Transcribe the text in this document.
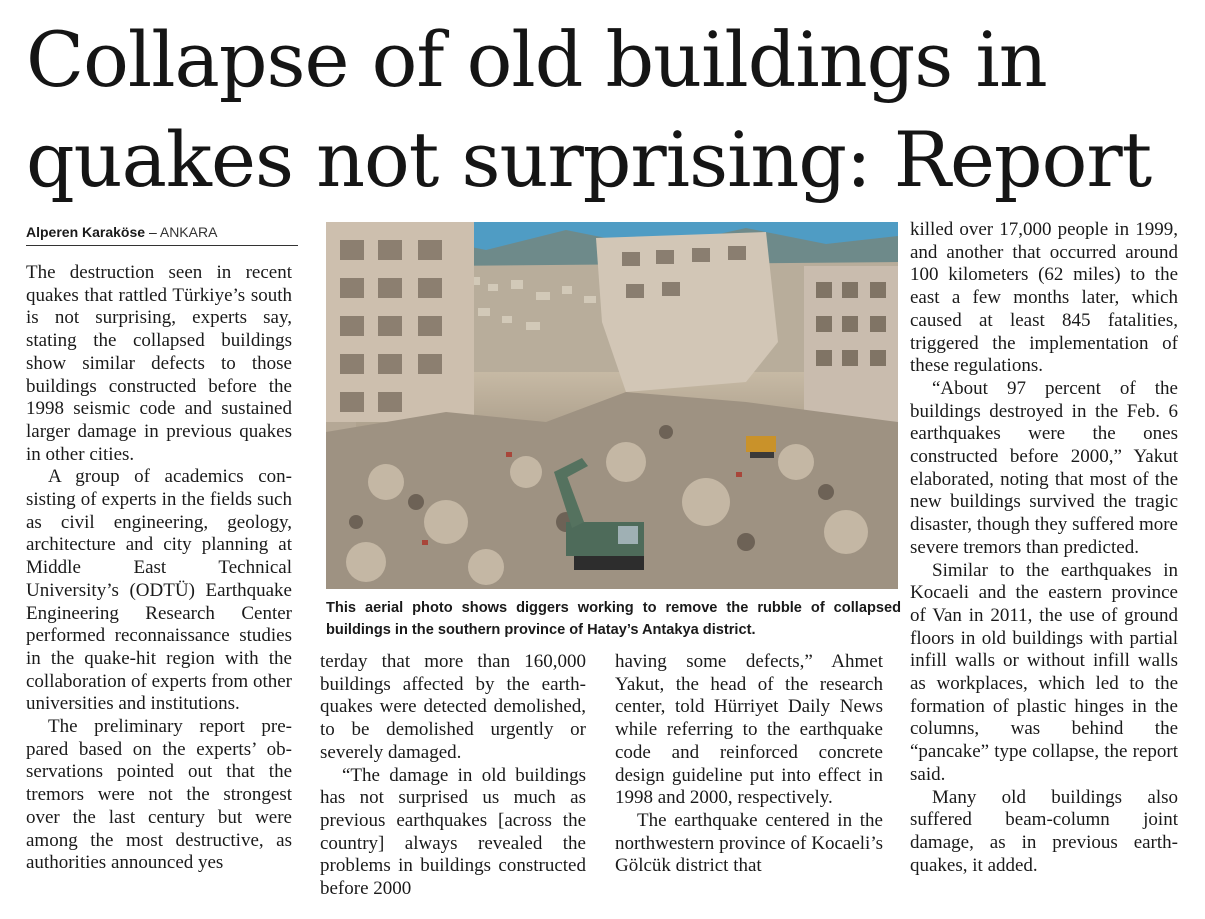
Collapse of old buildings in
quakes not surprising: Report
Alperen Karaköse – ANKARA

The destruction seen in recent quakes that rattled Türkiye’s south is not surprising, experts say, stating the collapsed buildings show similar defects to those buildings constructed before the 1998 seismic code and sustained larger damage in previous quakes in other cities.

A group of academics consisting of experts in the fields such as civil engineering, geology, architecture and city planning at Middle East Technical University’s (ODTÜ) Earthquake Engineering Research Center performed reconnaissance studies in the quake-hit region with the collaboration of experts from other universities and institutions.

The preliminary report prepared based on the experts’ observations pointed out that the tremors were not the strongest over the last century but were among the most destructive, as authorities announced yes

This aerial photo shows diggers working to remove the rubble of collapsed buildings in the southern province of Hatay’s Antakya district.

terday that more than 160,000 buildings affected by the earthquakes were detected demolished, to be demolished urgently or severely damaged.

“The damage in old buildings has not surprised us much as previous earthquakes [across the country] always revealed the problems in buildings constructed before 2000

having some defects,” Ahmet Yakut, the head of the research center, told Hürriyet Daily News while referring to the earthquake code and reinforced concrete design guideline put into effect in 1998 and 2000, respectively.

The earthquake centered in the northwestern province of Kocaeli’s Gölcük district that

killed over 17,000 people in 1999, and another that occurred around 100 kilometers (62 miles) to the east a few months later, which caused at least 845 fatalities, triggered the implementation of these regulations.

“About 97 percent of the buildings destroyed in the Feb. 6 earthquakes were the ones constructed before 2000,” Yakut elaborated, noting that most of the new buildings survived the tragic disaster, though they suffered more severe tremors than predicted.

Similar to the earthquakes in Kocaeli and the eastern province of Van in 2011, the use of ground floors in old buildings with partial infill walls or without infill walls as workplaces, which led to the formation of plastic hinges in the columns, was behind the “pancake” type collapse, the report said.

Many old buildings also suffered beam-column joint damage, as in previous earthquakes, it added.
